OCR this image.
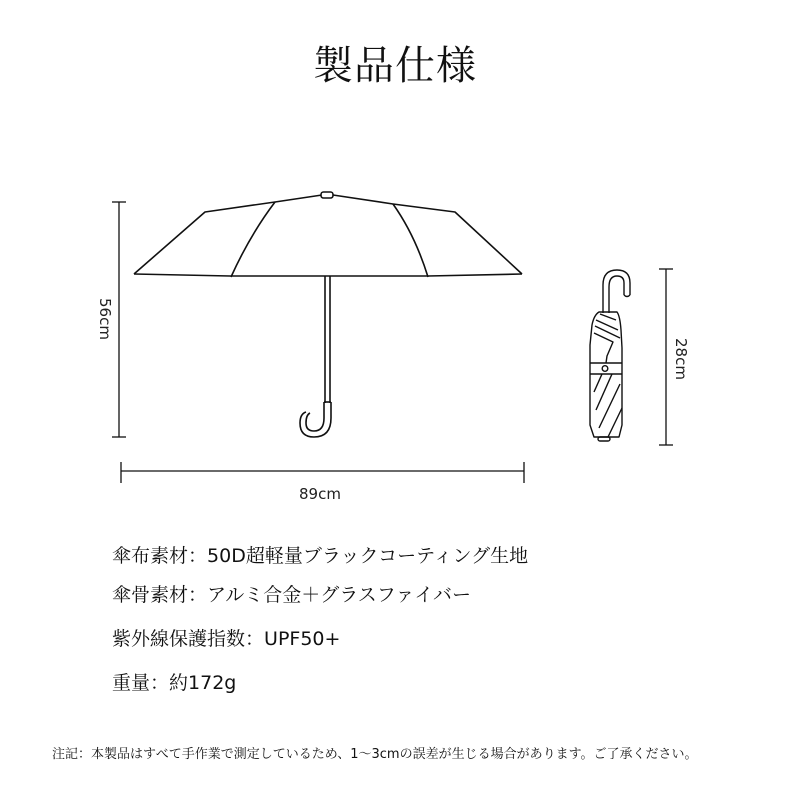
製品仕様
56cm
89cm
28cm
傘布素材：50D超軽量ブラックコーティング生地
傘骨素材：アルミ合金＋グラスファイバー
紫外線保護指数：UPF50+
重量：約172g
注記：本製品はすべて手作業で測定しているため、1～3cmの誤差が生じる場合があります。ご了承ください。
